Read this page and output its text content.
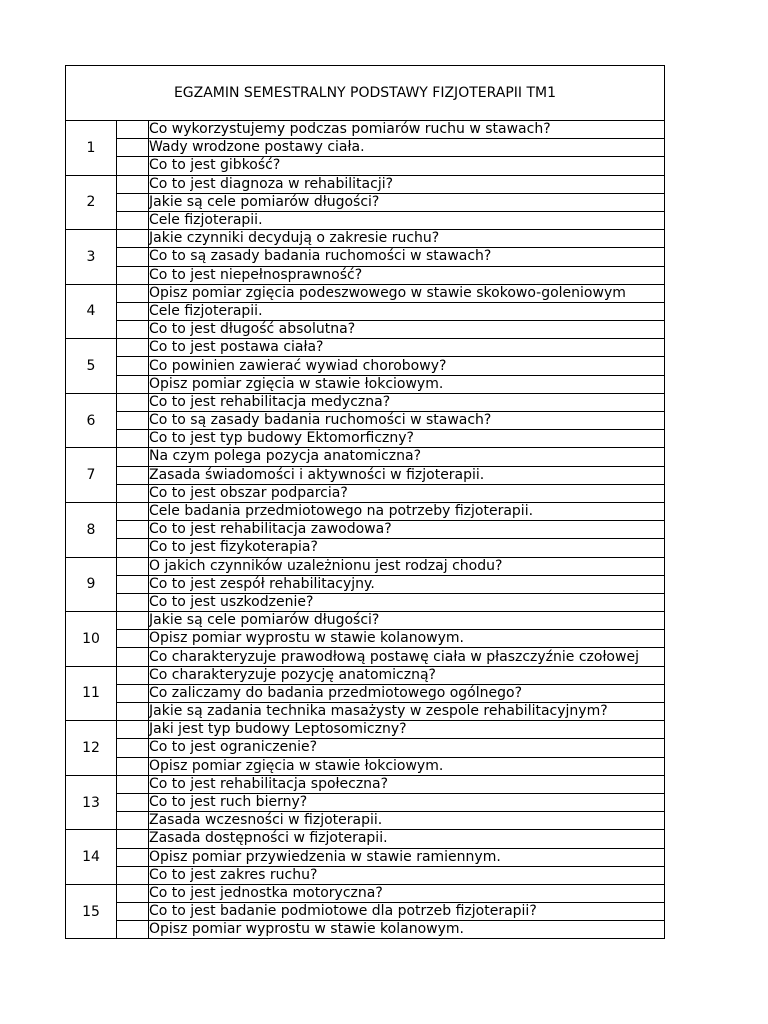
EGZAMIN SEMESTRALNY PODSTAWY FIZJOTERAPII TM1		
1		Co wykorzystujemy podczas pomiarów ruchu w stawach?
		Wady wrodzone postawy ciała.
		Co to jest gibkość?
2		Co to jest diagnoza w rehabilitacji?
		Jakie są cele pomiarów długości?
		Cele fizjoterapii.
3		Jakie czynniki decydują o zakresie ruchu?
		Co to są zasady badania ruchomości w stawach?
		Co to jest niepełnosprawność?
4		Opisz pomiar zgięcia podeszwowego w stawie skokowo-goleniowym
		Cele fizjoterapii.
		Co to jest długość absolutna?
5		Co to jest postawa ciała?
		Co powinien zawierać wywiad chorobowy?
		Opisz pomiar zgięcia w stawie łokciowym.
6		Co to jest rehabilitacja medyczna?
		Co to są zasady badania ruchomości w stawach?
		Co to jest typ budowy Ektomorficzny?
7		Na czym polega pozycja anatomiczna?
		Zasada świadomości i aktywności w fizjoterapii.
		Co to jest obszar podparcia?
8		Cele badania przedmiotowego na potrzeby fizjoterapii.
		Co to jest rehabilitacja zawodowa?
		Co to jest fizykoterapia?
9		O jakich czynników uzależnionu jest rodzaj chodu?
		Co to jest zespół rehabilitacyjny.
		Co to jest uszkodzenie?
10		Jakie są cele pomiarów długości?
		Opisz pomiar wyprostu w stawie kolanowym.
		Co charakteryzuje prawodłową postawę ciała w płaszczyźnie czołowej
11		Co charakteryzuje pozycję anatomiczną?
		Co zaliczamy do badania przedmiotowego ogólnego?
		Jakie są zadania technika masażysty w zespole rehabilitacyjnym?
12		Jaki jest typ budowy Leptosomiczny?
		Co to jest ograniczenie?
		Opisz pomiar zgięcia w stawie łokciowym.
13		Co to jest rehabilitacja społeczna?
		Co to jest ruch bierny?
		Zasada wczesności w fizjoterapii.
14		Zasada dostępności w fizjoterapii.
		Opisz pomiar przywiedzenia w stawie ramiennym.
		Co to jest zakres ruchu?
15		Co to jest jednostka motoryczna?
		Co to jest badanie podmiotowe dla potrzeb fizjoterapii?
		Opisz pomiar wyprostu w stawie kolanowym.
